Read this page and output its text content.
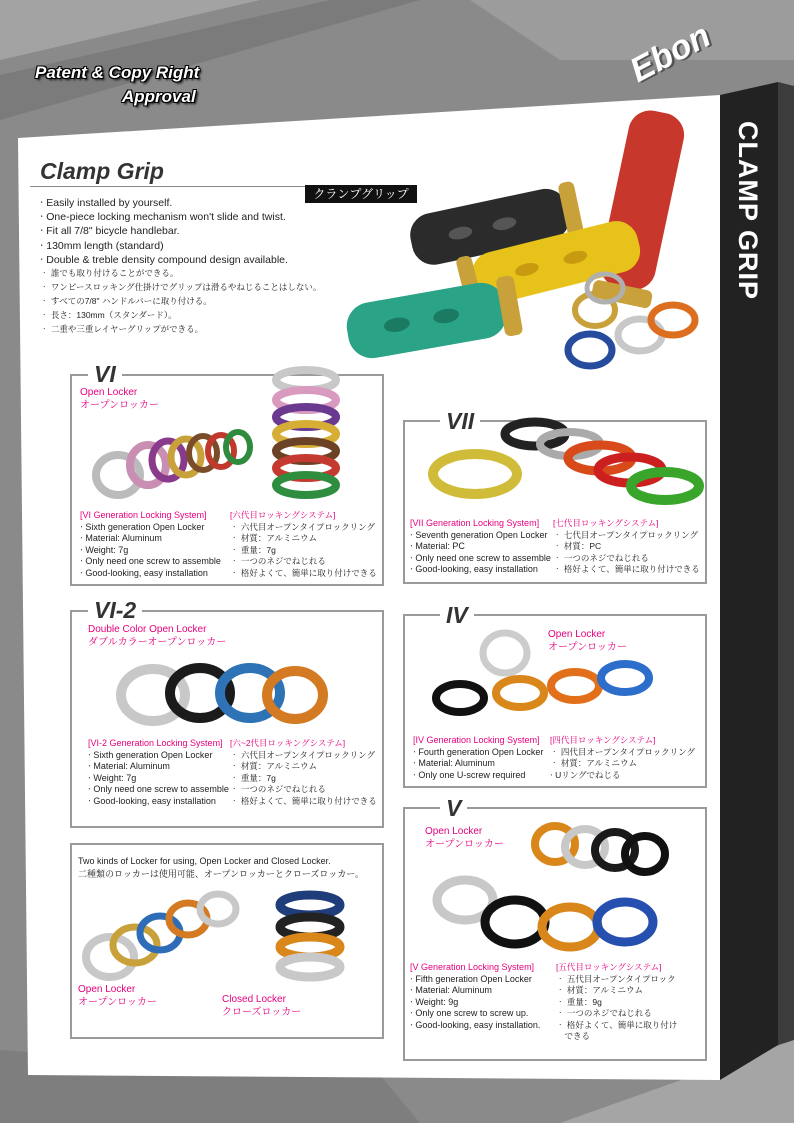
Patent & Copy Right
Approval
Ebon
CLAMP GRIP
Clamp Grip
クランプグリップ
‧ Easily installed by yourself.
‧ One-piece locking mechanism won't slide and twist.
‧ Fit all 7/8" bicycle handlebar.
‧ 130mm length (standard)
‧ Double & treble density compound design available.
‧ 誰でも取り付けることができる。
‧ ワンピースロッキング仕掛けでグリップは滑るやねじることはしない。
‧ すべての7/8" ハンドルバーに取り付ける。
‧ 長さ：130mm（スタンダード）。
‧ 二重や三重レイヤーグリップができる。
VI
Open Locker
オープンロッカー
[VI Generation Locking System]
‧ Sixth generation Open Locker
‧ Material: Aluminum
‧ Weight: 7g
‧ Only need one screw to assemble
‧ Good-looking, easy installation
[六代目ロッキングシステム]
‧ 六代目オープンタイプロックリング
‧ 材質：アルミニウム
‧ 重量：7g
‧ 一つのネジでねじれる
‧ 格好よくて、簡単に取り付けできる
VII
[VII Generation Locking System]
‧ Seventh generation Open Locker
‧ Material: PC
‧ Only need one screw to assemble
‧ Good-looking, easy installation
[七代目ロッキングシステム]
‧ 七代目オープンタイプロックリング
‧ 材質：PC
‧ 一つのネジでねじれる
‧ 格好よくて、簡単に取り付けできる
VI-2
Double Color Open Locker
ダブルカラーオープンロッカー
[VI-2 Generation Locking System]
‧ Sixth generation Open Locker
‧ Material: Aluminum
‧ Weight: 7g
‧ Only need one screw to assemble
‧ Good-looking, easy installation
[六~2代目ロッキングシステム]
‧ 六代目オープンタイプロックリング
‧ 材質：アルミニウム
‧ 重量：7g
‧ 一つのネジでねじれる
‧ 格好よくて、簡単に取り付けできる
IV
Open Locker
オープンロッカー
[IV Generation Locking System]
‧ Fourth generation Open Locker
‧ Material: Aluminum
‧ Only one U-screw required
[四代目ロッキングシステム]
‧ 四代目オープンタイプロックリング
‧ 材質：アルミニウム
‧ Uリングでねじる
Two kinds of Locker for using, Open Locker and Closed Locker.
二種類のロッカーは使用可能、オープンロッカーとクローズロッカー。
Open Locker
オープンロッカー	Closed Locker
クローズロッカー
V
Open Locker
オープンロッカー
[V Generation Locking System]
‧ Fifth generation Open Locker
‧ Material: Aluminum
‧ Weight: 9g
‧ Only one screw to screw up.
‧ Good-looking, easy installation.
[五代目ロッキングシステム]
‧ 五代目オープンタイプロック
‧ 材質：アルミニウム
‧ 重量：9g
‧ 一つのネジでねじれる
‧ 格好よくて、簡単に取り付け
　できる
